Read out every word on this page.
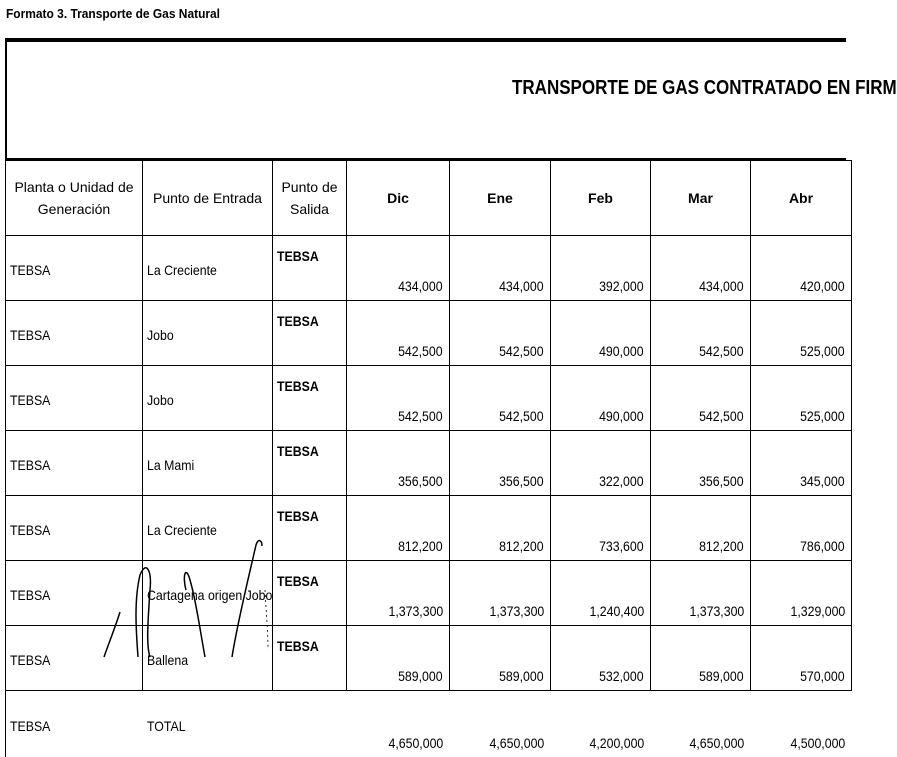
Formato 3. Transporte de Gas Natural
TRANSPORTE DE GAS CONTRATADO EN FIRM
Planta o Unidad de Generación	Punto de Entrada	Punto de Salida	Dic	Ene	Feb	Mar	Abr
TEBSA	La Creciente	TEBSA	434,000	434,000	392,000	434,000	420,000
TEBSA	Jobo	TEBSA	542,500	542,500	490,000	542,500	525,000
TEBSA	Jobo	TEBSA	542,500	542,500	490,000	542,500	525,000
TEBSA	La Mami	TEBSA	356,500	356,500	322,000	356,500	345,000
TEBSA	La Creciente	TEBSA	812,200	812,200	733,600	812,200	786,000
TEBSA	Cartagena origen Jobo	TEBSA	1,373,300	1,373,300	1,240,400	1,373,300	1,329,000
TEBSA	Ballena	TEBSA	589,000	589,000	532,000	589,000	570,000
TEBSA	TOTAL		4,650,000	4,650,000	4,200,000	4,650,000	4,500,000
